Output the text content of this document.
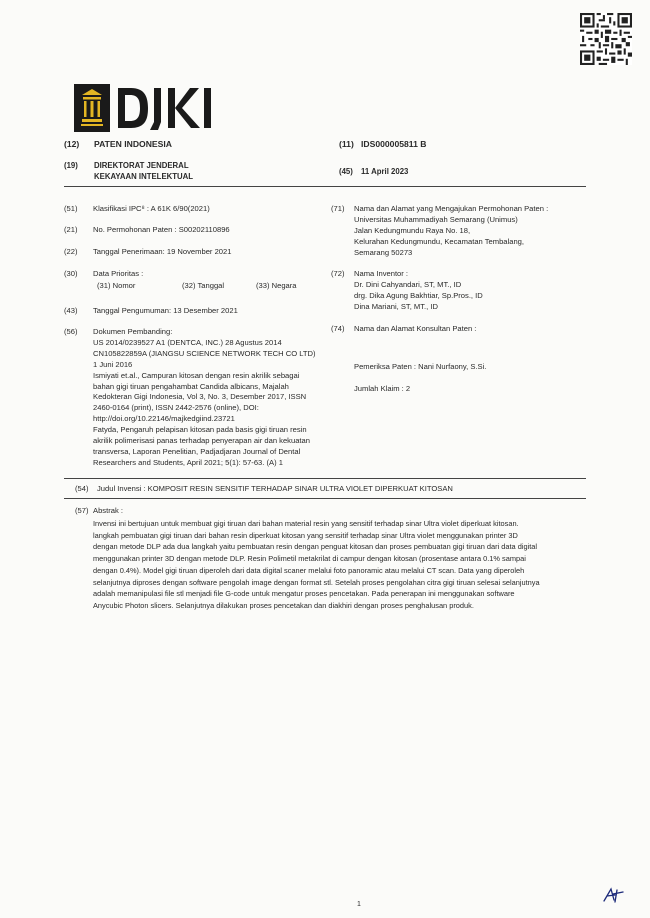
(12) PATEN INDONESIA	(11) IDS000005811 B
(19) DIREKTORAT JENDERAL
KEKAYAAN INTELEKTUAL
(45) 11 April 2023
(51) Klasifikasi IPC⁸ : A 61K 6/90(2021)
(21) No. Permohonan Paten : S00202110896
(22) Tanggal Penerimaan: 19 November 2021
(30) Data Prioritas :
(31) Nomor	(32) Tanggal	(33) Negara
(43) Tanggal Pengumuman: 13 Desember 2021
(56) Dokumen Pembanding:
US 2014/0239527 A1 (DENTCA, INC.) 28 Agustus 2014
CN105822859A (JIANGSU SCIENCE NETWORK TECH CO LTD)
1 Juni 2016
Ismiyati et.al., Campuran kitosan dengan resin akrilik sebagai
bahan gigi tiruan pengahambat Candida albicans, Majalah
Kedokteran Gigi Indonesia, Vol 3, No. 3, Desember 2017, ISSN
2460-0164 (print), ISSN 2442-2576 (online), DOI:
http://doi.org/10.22146/majkedgiind.23721
Fatyda, Pengaruh pelapisan kitosan pada basis gigi tiruan resin
akrilik polimerisasi panas terhadap penyerapan air dan kekuatan
transversa, Laporan Penelitian, Padjadjaran Journal of Dental
Researchers and Students, April 2021; 5(1): 57-63. (A) 1
(71) Nama dan Alamat yang Mengajukan Permohonan Paten :
Universitas Muhammadiyah Semarang (Unimus)
Jalan Kedungmundu Raya No. 18,
Kelurahan Kedungmundu, Kecamatan Tembalang,
Semarang 50273
(72) Nama Inventor :
Dr. Dini Cahyandari, ST, MT., ID
drg. Dika Agung Bakhtiar, Sp.Pros., ID
Dina Mariani, ST, MT., ID
(74) Nama dan Alamat Konsultan Paten :
Pemeriksa Paten : Nani Nurfaony, S.Si.
Jumlah Klaim : 2
(54) Judul Invensi : KOMPOSIT RESIN SENSITIF TERHADAP SINAR ULTRA VIOLET DIPERKUAT KITOSAN
(57) Abstrak :
Invensi ini bertujuan untuk membuat gigi tiruan dari bahan material resin yang sensitif terhadap sinar Ultra violet diperkuat kitosan.
langkah pembuatan gigi tiruan dari bahan resin diperkuat kitosan yang sensitif terhadap sinar Ultra violet menggunakan printer 3D
dengan metode DLP ada dua langkah yaitu pembuatan resin dengan penguat kitosan dan proses pembuatan gigi tiruan dari data digital
menggunakan printer 3D dengan metode DLP. Resin Polimetil metakrilat di campur dengan kitosan (prosentase antara 0.1% sampai
dengan 0.4%). Model gigi tiruan diperoleh dari data digital scaner melalui foto panoramic atau melalui CT scan. Data yang diperoleh
selanjutnya diproses dengan software pengolah image dengan format stl. Setelah proses pengolahan citra gigi tiruan selesai selanjutnya
adalah memanipulasi file stl menjadi file G-code untuk mengatur proses pencetakan. Pada penerapan ini menggunakan software
Anycubic Photon slicers. Selanjutnya dilakukan proses pencetakan dan diakhiri dengan proses penghalusan produk.
1
